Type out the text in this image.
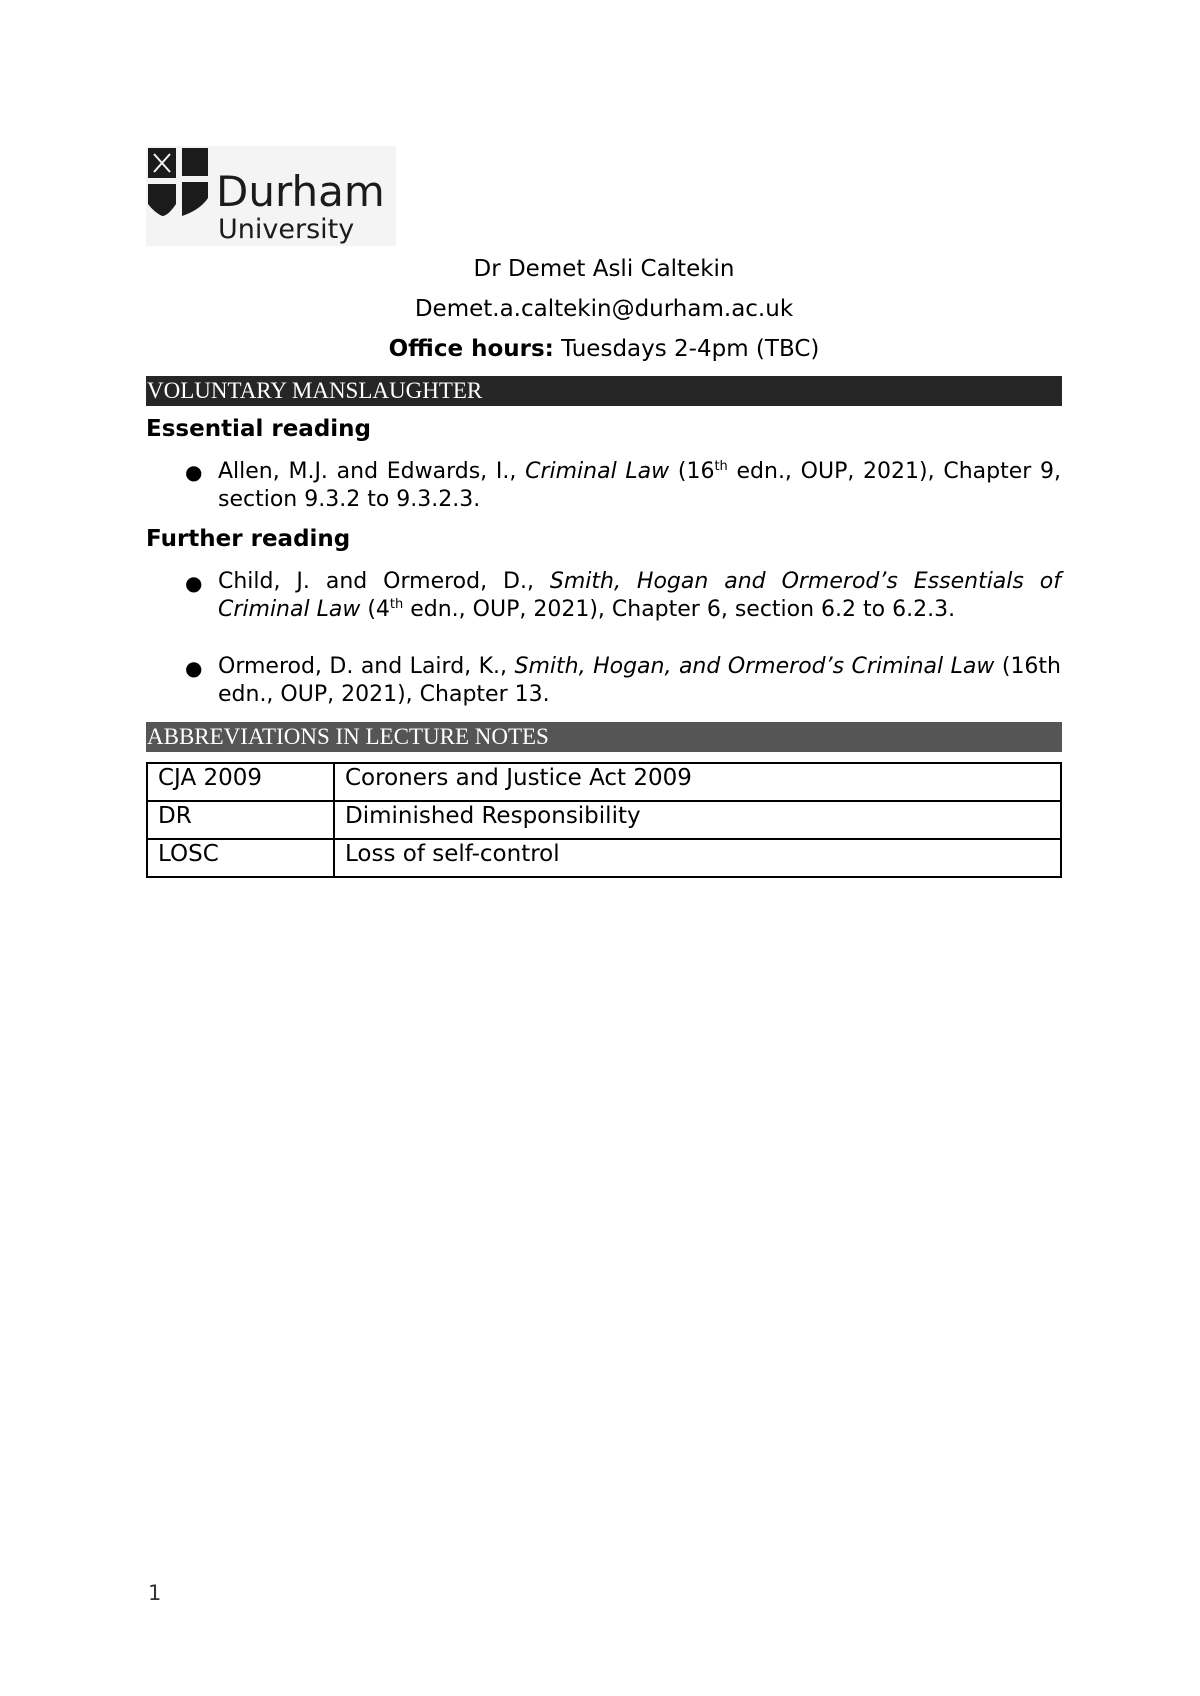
Durham
University
Dr Demet Asli Caltekin
Demet.a.caltekin@durham.ac.uk
Office hours: Tuesdays 2-4pm (TBC)
VOLUNTARY MANSLAUGHTER
Essential reading
● Allen, M.J. and Edwards, I., Criminal Law (16th edn., OUP, 2021), Chapter 9, section 9.3.2 to 9.3.2.3.
Further reading
● Child, J. and Ormerod, D., Smith, Hogan and Ormerod’s Essentials of Criminal Law (4th edn., OUP, 2021), Chapter 6, section 6.2 to 6.2.3.
● Ormerod, D. and Laird, K., Smith, Hogan, and Ormerod’s Criminal Law (16th edn., OUP, 2021), Chapter 13.
ABBREVIATIONS IN LECTURE NOTES
CJA 2009	Coroners and Justice Act 2009
DR	Diminished Responsibility
LOSC	Loss of self-control
1
